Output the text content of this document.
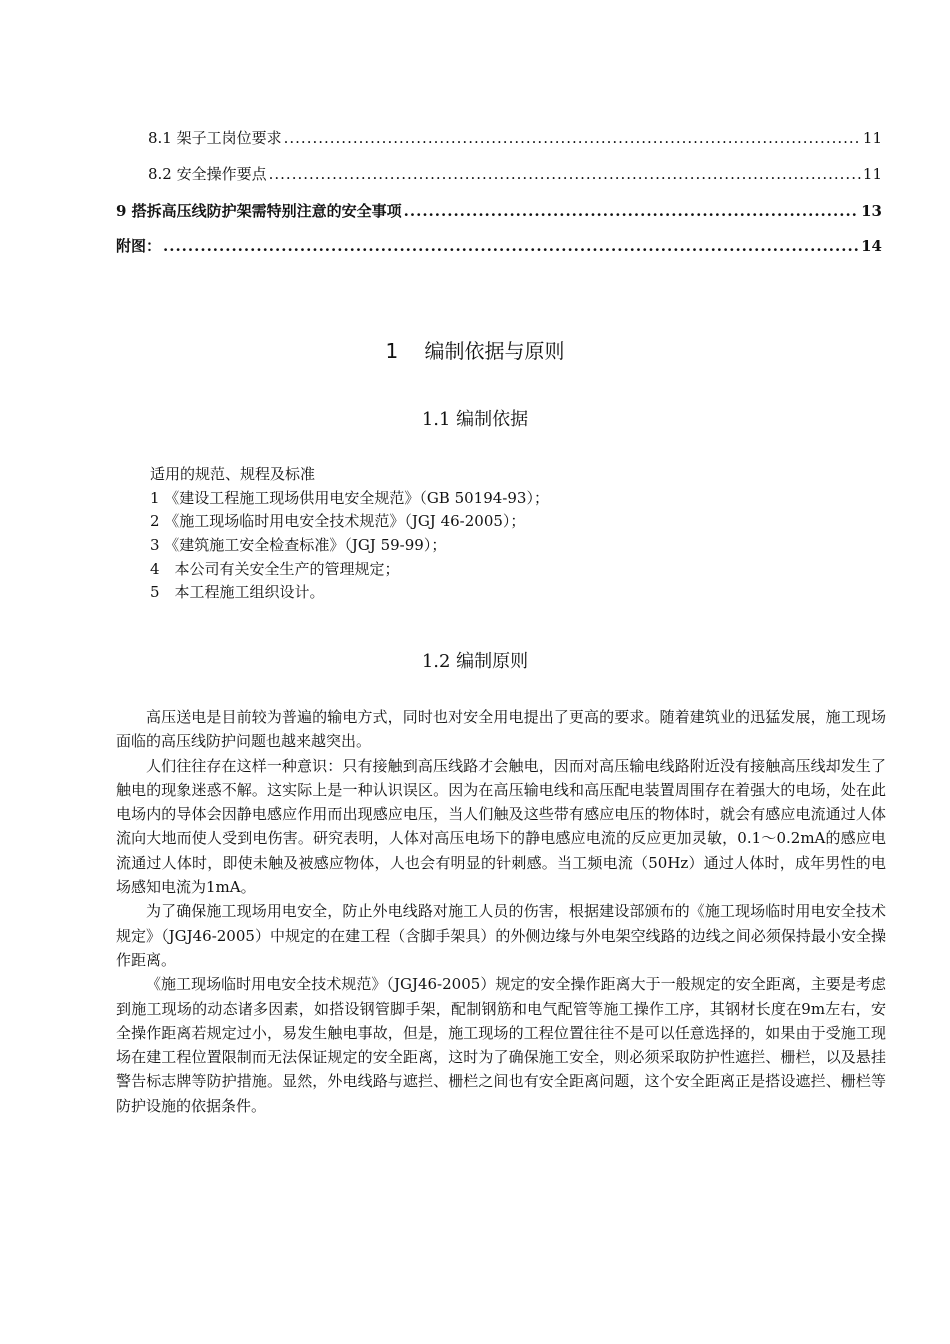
8.1 架子工岗位要求 .....	11
8.2 安全操作要点 .....	11
9 搭拆高压线防护架需特别注意的安全事项 .....	13
附图： .....	14
1　 编制依据与原则
1.1 编制依据
适用的规范、规程及标准
1 《建设工程施工现场供用电安全规范》（GB 50194-93）；
2 《施工现场临时用电安全技术规范》（JGJ 46-2005）；
3 《建筑施工安全检查标准》（JGJ 59-99）；
4　本公司有关安全生产的管理规定；
5　本工程施工组织设计。
1.2 编制原则

高压送电是目前较为普遍的输电方式，同时也对安全用电提出了更高的要求。随着建筑业的迅猛发展，施工现场面临的高压线防护问题也越来越突出。

人们往往存在这样一种意识：只有接触到高压线路才会触电，因而对高压输电线路附近没有接触高压线却发生了触电的现象迷惑不解。这实际上是一种认识误区。因为在高压输电线和高压配电装置周围存在着强大的电场，处在此电场内的导体会因静电感应作用而出现感应电压，当人们触及这些带有感应电压的物体时，就会有感应电流通过人体流向大地而使人受到电伤害。研究表明，人体对高压电场下的静电感应电流的反应更加灵敏，0.1～0.2mA的感应电流通过人体时，即使未触及被感应物体，人也会有明显的针刺感。当工频电流（50Hz）通过人体时，成年男性的电场感知电流为1mA。

为了确保施工现场用电安全，防止外电线路对施工人员的伤害，根据建设部颁布的《施工现场临时用电安全技术规定》（JGJ46-2005）中规定的在建工程（含脚手架具）的外侧边缘与外电架空线路的边线之间必须保持最小安全操作距离。

《施工现场临时用电安全技术规范》（JGJ46-2005）规定的安全操作距离大于一般规定的安全距离，主要是考虑到施工现场的动态诸多因素，如搭设钢管脚手架，配制钢筋和电气配管等施工操作工序，其钢材长度在9m左右，安全操作距离若规定过小，易发生触电事故，但是，施工现场的工程位置往往不是可以任意选择的，如果由于受施工现场在建工程位置限制而无法保证规定的安全距离，这时为了确保施工安全，则必须采取防护性遮拦、栅栏，以及悬挂警告标志牌等防护措施。显然，外电线路与遮拦、栅栏之间也有安全距离问题，这个安全距离正是搭设遮拦、栅栏等防护设施的依据条件。
